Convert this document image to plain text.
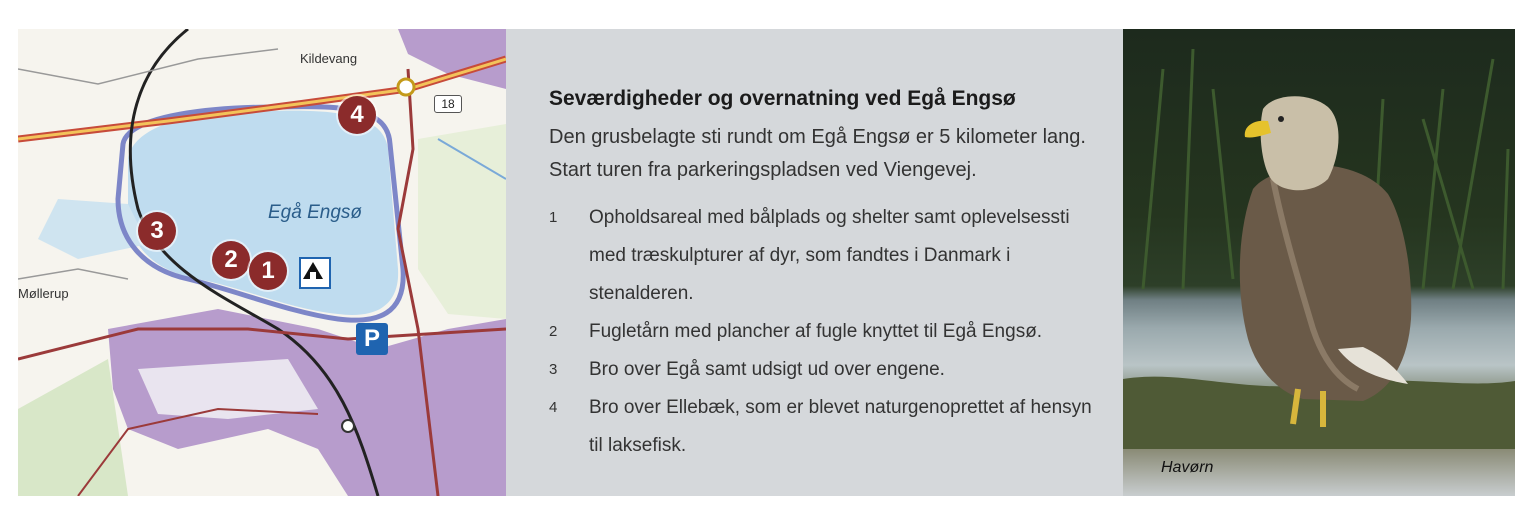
Kildevang
Møllerup
Egå Engsø
18
4
3
2 1
P
Seværdigheder og overnatning ved Egå Engsø
Den grusbelagte sti rundt om Egå Engsø er 5 kilometer lang. Start turen fra parkeringspladsen ved Viengevej.
1	Opholdsareal med bålplads og shelter samt oplevelsessti med træskulpturer af dyr, som fandtes i Danmark i stenalderen.
2	Fugletårn med plancher af fugle knyttet til Egå Engsø.
3	Bro over Egå samt udsigt ud over engene.
4	Bro over Ellebæk, som er blevet naturgenoprettet af hensyn til laksefisk.
Havørn
